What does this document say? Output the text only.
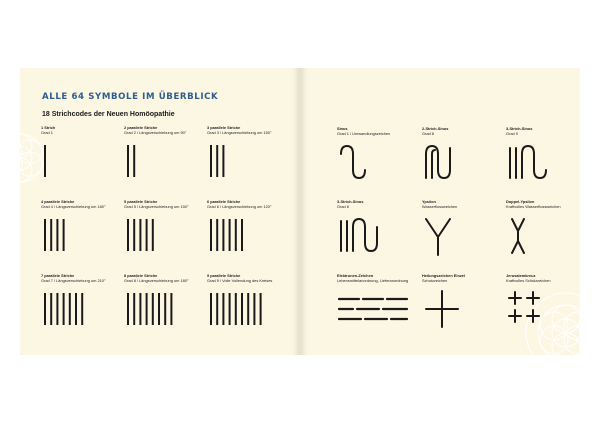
ALLE 64 SYMBOLE IM ÜBERBLICK
18 Strichcodes der Neuen Homöopathie
1 Strich
Grad 1
2 parallele Striche
Grad 2 / Längsverschiebung um 90°
3 parallele Striche
Grad 3 / Längsverschiebung um 150°
4 parallele Striche
Grad 4 / Längsverschiebung um 180°
5 parallele Striche
Grad 5 / Längsverschiebung um 150°
6 parallele Striche
Grad 6 / Längsverschiebung um 120°
7 parallele Striche
Grad 7 / Längsverschiebung um 210°
8 parallele Striche
Grad 8 / Längsverschiebung um 180°
9 parallele Striche
Grad 9 / Volle Vollendung des Kreises
Sinus
Grad 1 / Umwandlungszeichen
2-Strich-Sinus
Grad 8
3-Strich-Sinus
Grad 9
3-Strich-Sinus
Grad 8
Ypsilon
Wasserflussweichen
Doppel-Ypsilon
Kraftvolles Wasserflussweichen
Elektronen-Zeichen
Lebensmittelanordnung, Lieferanordnung
Heilungszeichen Einzel
Schutzzeichen
Jerusalemkreuz
Kraftvolles Schutzzeichen
